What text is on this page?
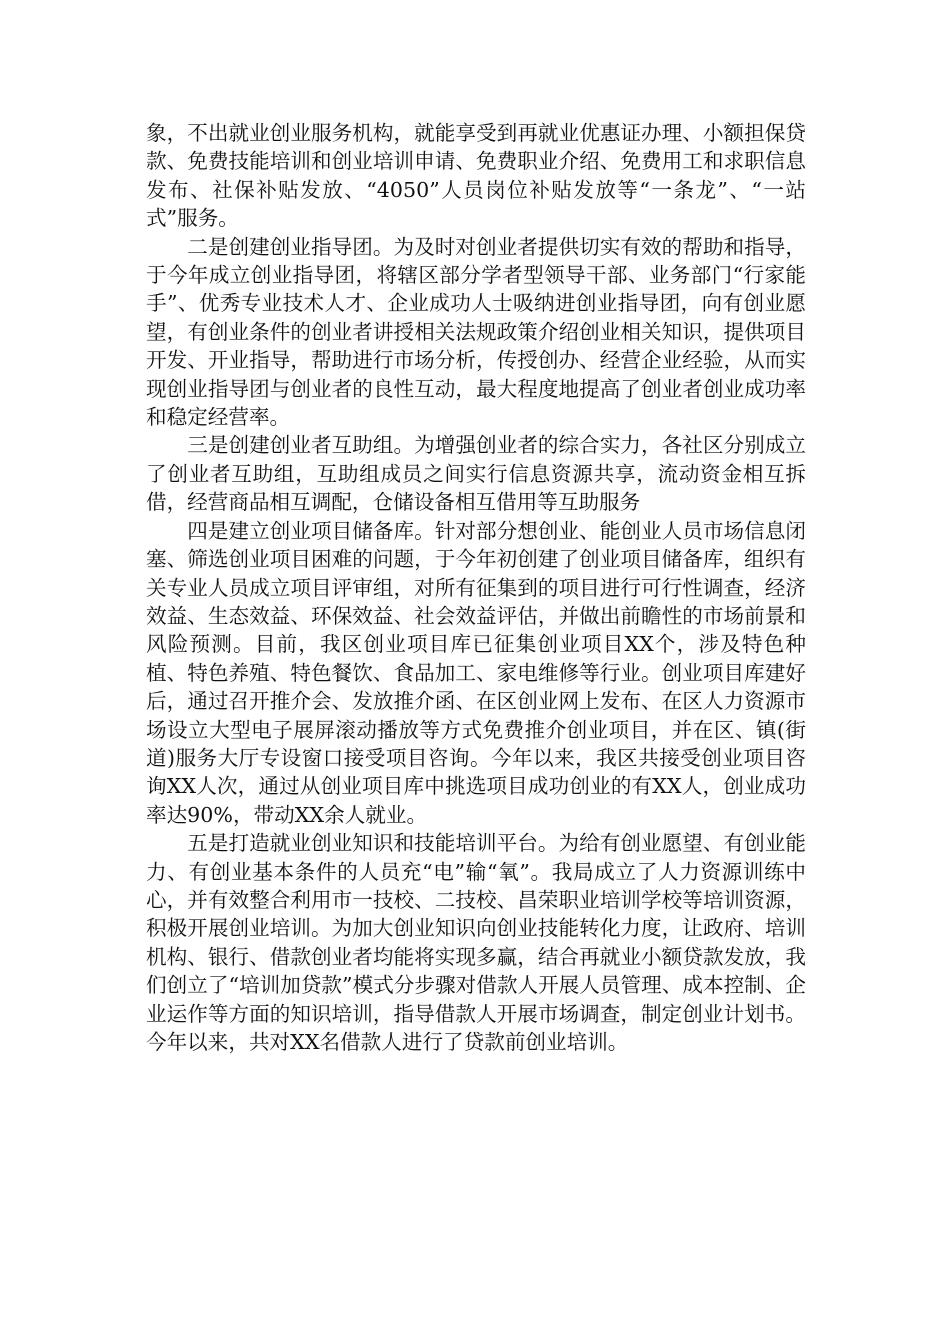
象，不出就业创业服务机构，就能享受到再就业优惠证办理、小额担保贷款、免费技能培训和创业培训申请、免费职业介绍、免费用工和求职信息发布、社保补贴发放、“4050”人员岗位补贴发放等“一条龙”、“一站式”服务。

二是创建创业指导团。为及时对创业者提供切实有效的帮助和指导，于今年成立创业指导团，将辖区部分学者型领导干部、业务部门“行家能手”、优秀专业技术人才、企业成功人士吸纳进创业指导团，向有创业愿望，有创业条件的创业者讲授相关法规政策介绍创业相关知识，提供项目开发、开业指导，帮助进行市场分析，传授创办、经营企业经验，从而实现创业指导团与创业者的良性互动，最大程度地提高了创业者创业成功率和稳定经营率。

三是创建创业者互助组。为增强创业者的综合实力，各社区分别成立了创业者互助组，互助组成员之间实行信息资源共享，流动资金相互拆借，经营商品相互调配，仓储设备相互借用等互助服务

四是建立创业项目储备库。针对部分想创业、能创业人员市场信息闭塞、筛选创业项目困难的问题，于今年初创建了创业项目储备库，组织有关专业人员成立项目评审组，对所有征集到的项目进行可行性调查，经济效益、生态效益、环保效益、社会效益评估，并做出前瞻性的市场前景和风险预测。目前，我区创业项目库已征集创业项目XX个，涉及特色种植、特色养殖、特色餐饮、食品加工、家电维修等行业。创业项目库建好后，通过召开推介会、发放推介函、在区创业网上发布、在区人力资源市场设立大型电子展屏滚动播放等方式免费推介创业项目，并在区、镇(街道)服务大厅专设窗口接受项目咨询。今年以来，我区共接受创业项目咨询XX人次，通过从创业项目库中挑选项目成功创业的有XX人，创业成功率达90%，带动XX余人就业。

五是打造就业创业知识和技能培训平台。为给有创业愿望、有创业能力、有创业基本条件的人员充“电”输“氧”。我局成立了人力资源训练中心，并有效整合利用市一技校、二技校、昌荣职业培训学校等培训资源，积极开展创业培训。为加大创业知识向创业技能转化力度，让政府、培训机构、银行、借款创业者均能将实现多赢，结合再就业小额贷款发放，我们创立了“培训加贷款”模式分步骤对借款人开展人员管理、成本控制、企业运作等方面的知识培训，指导借款人开展市场调查，制定创业计划书。今年以来，共对XX名借款人进行了贷款前创业培训。
